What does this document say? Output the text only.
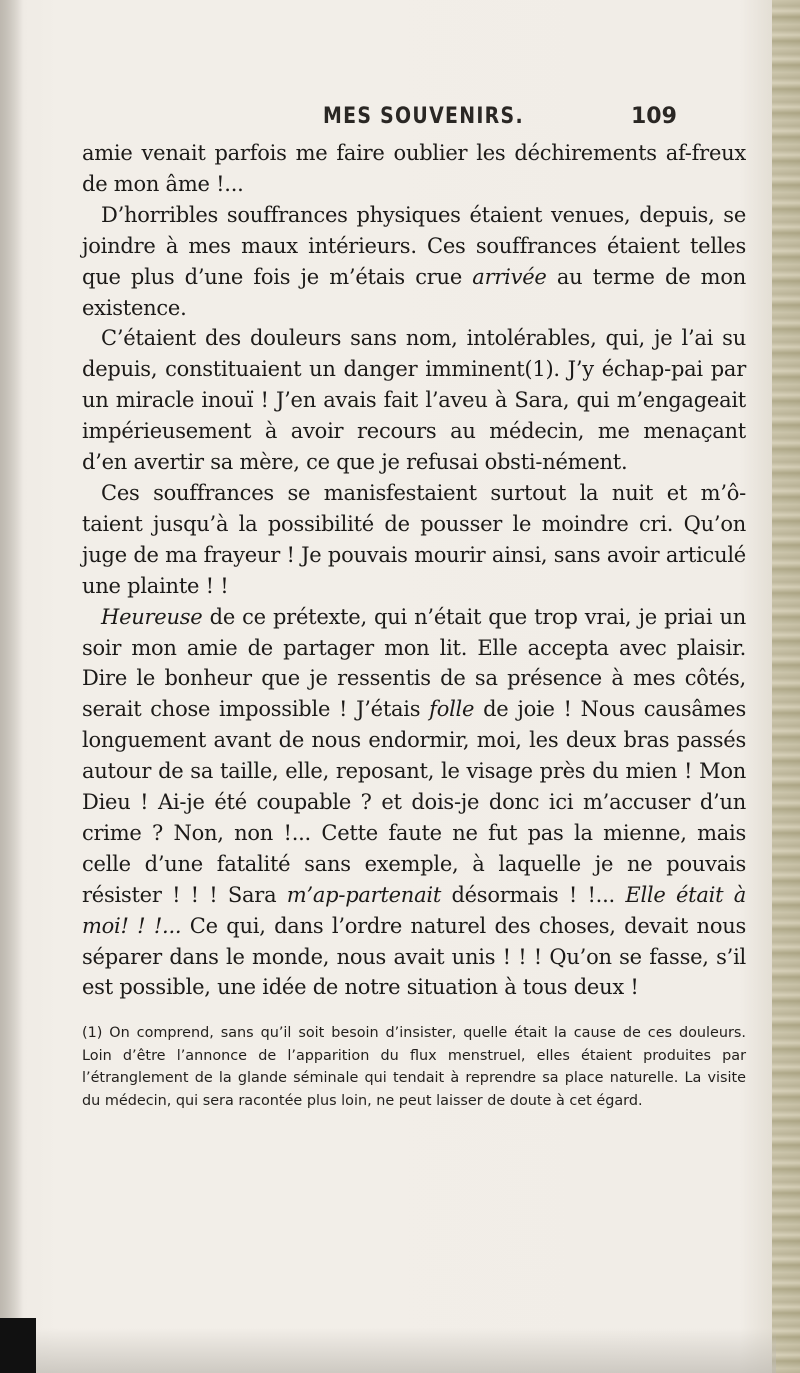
MES SOUVENIRS.	109

amie venait parfois me faire oublier les déchirements af-freux de mon âme !...

D’horribles souffrances physiques étaient venues, depuis, se joindre à mes maux intérieurs. Ces souffrances étaient telles que plus d’une fois je m’étais crue arrivée au terme de mon existence.

C’étaient des douleurs sans nom, intolérables, qui, je l’ai su depuis, constituaient un danger imminent(1). J’y échap-pai par un miracle inouï ! J’en avais fait l’aveu à Sara, qui m’engageait impérieusement à avoir recours au médecin, me menaçant d’en avertir sa mère, ce que je refusai obsti-nément.

Ces souffrances se manisfestaient surtout la nuit et m’ô-taient jusqu’à la possibilité de pousser le moindre cri. Qu’on juge de ma frayeur ! Je pouvais mourir ainsi, sans avoir articulé une plainte ! !

Heureuse de ce prétexte, qui n’était que trop vrai, je priai un soir mon amie de partager mon lit. Elle accepta avec plaisir. Dire le bonheur que je ressentis de sa présence à mes côtés, serait chose impossible ! J’étais folle de joie ! Nous causâmes longuement avant de nous endormir, moi, les deux bras passés autour de sa taille, elle, reposant, le visage près du mien ! Mon Dieu ! Ai-je été coupable ? et dois-je donc ici m’accuser d’un crime ? Non, non !... Cette faute ne fut pas la mienne, mais celle d’une fatalité sans exemple, à laquelle je ne pouvais résister ! ! ! Sara m’ap-partenait désormais ! !... Elle était à moi! ! !... Ce qui, dans l’ordre naturel des choses, devait nous séparer dans le monde, nous avait unis ! ! ! Qu’on se fasse, s’il est possible, une idée de notre situation à tous deux !

(1) On comprend, sans qu’il soit besoin d’insister, quelle était la cause de ces douleurs. Loin d’être l’annonce de l’apparition du flux menstruel, elles étaient produites par l’étranglement de la glande séminale qui tendait à reprendre sa place naturelle. La visite du médecin, qui sera racontée plus loin, ne peut laisser de doute à cet égard.
